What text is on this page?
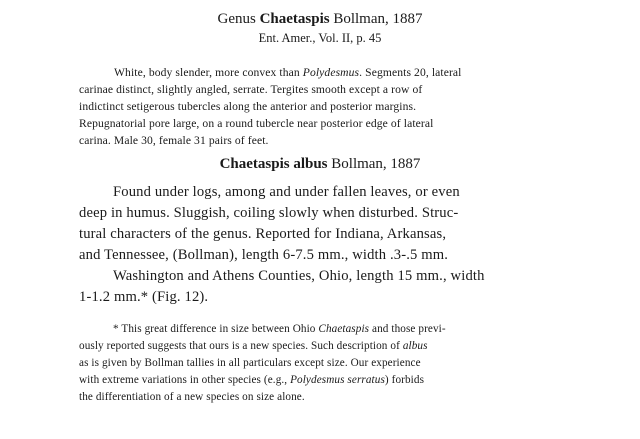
Genus Chaetaspis Bollman, 1887
Ent. Amer., Vol. II, p. 45
White, body slender, more convex than Polydesmus. Segments 20, lateral
carinae distinct, slightly angled, serrate. Tergites smooth except a row of
indictinct setigerous tubercles along the anterior and posterior margins.
Repugnatorial pore large, on a round tubercle near posterior edge of lateral
carina. Male 30, female 31 pairs of feet.
Chaetaspis albus Bollman, 1887
Found under logs, among and under fallen leaves, or even
deep in humus. Sluggish, coiling slowly when disturbed. Struc-
tural characters of the genus. Reported for Indiana, Arkansas,
and Tennessee, (Bollman), length 6-7.5 mm., width .3-.5 mm.
Washington and Athens Counties, Ohio, length 15 mm., width
1-1.2 mm.* (Fig. 12).
* This great difference in size between Ohio Chaetaspis and those previ-
ously reported suggests that ours is a new species. Such description of albus
as is given by Bollman tallies in all particulars except size. Our experience
with extreme variations in other species (e.g., Polydesmus serratus) forbids
the differentiation of a new species on size alone.
